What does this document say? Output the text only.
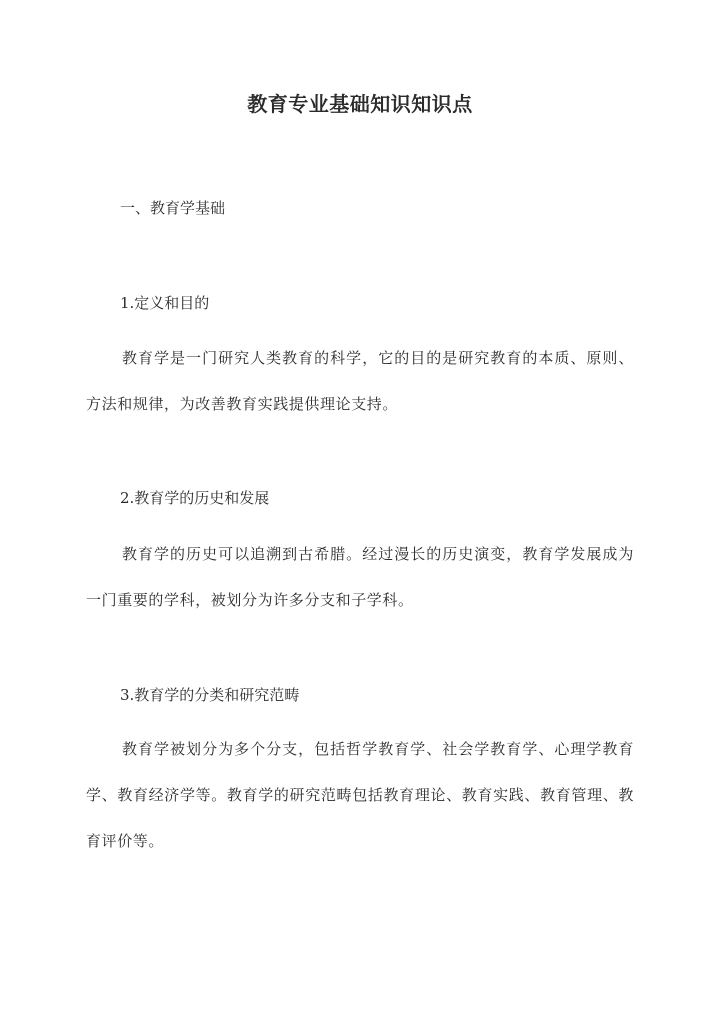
教育专业基础知识知识点
一、教育学基础
1.定义和目的
教育学是一门研究人类教育的科学，它的目的是研究教育的本质、原则、方法和规律，为改善教育实践提供理论支持。
2.教育学的历史和发展
教育学的历史可以追溯到古希腊。经过漫长的历史演变，教育学发展成为一门重要的学科，被划分为许多分支和子学科。
3.教育学的分类和研究范畴
教育学被划分为多个分支，包括哲学教育学、社会学教育学、心理学教育学、教育经济学等。教育学的研究范畴包括教育理论、教育实践、教育管理、教育评价等。
